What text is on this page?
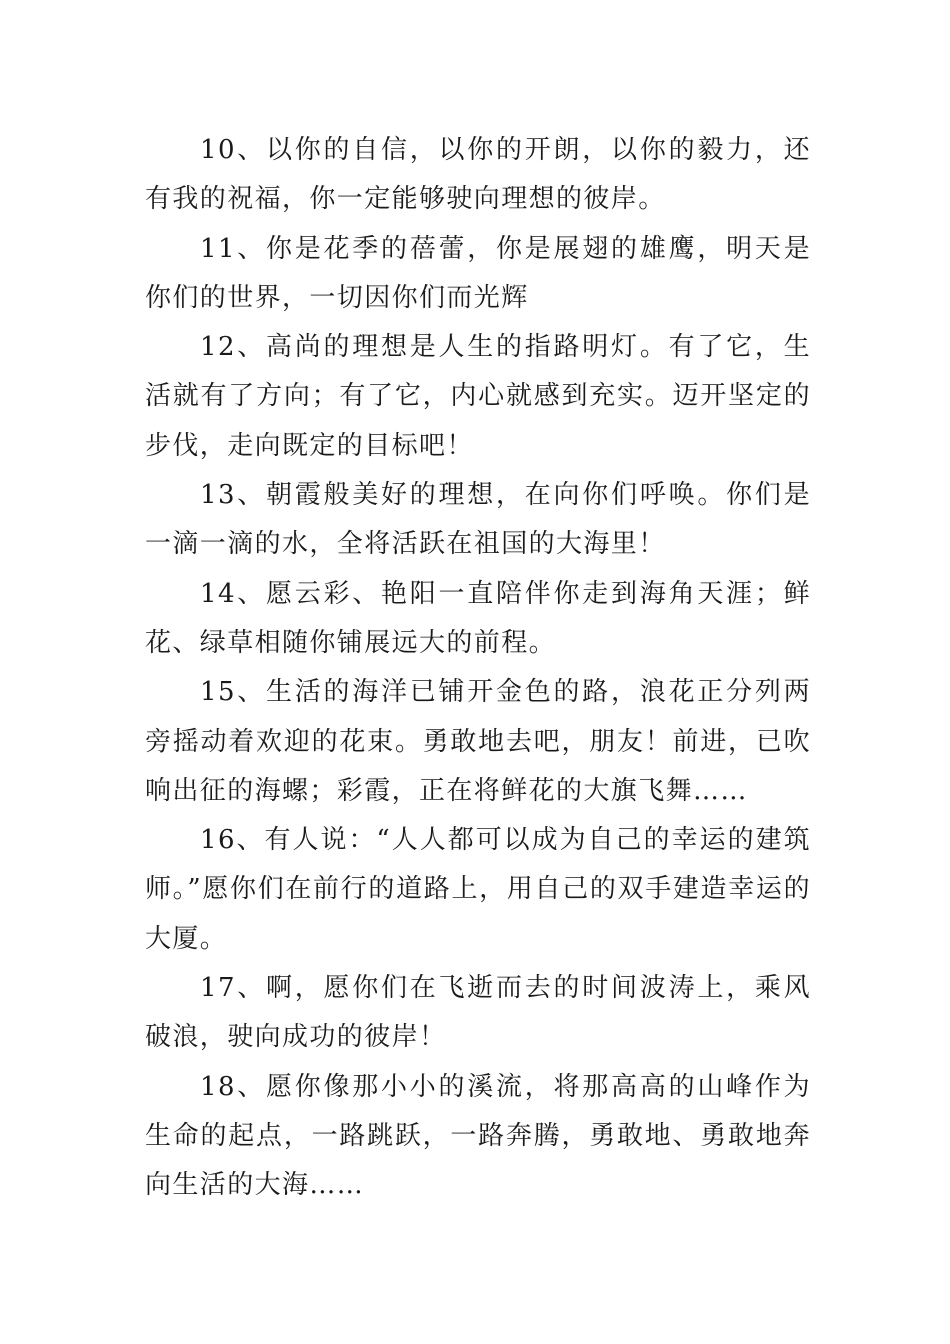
10、以你的自信，以你的开朗，以你的毅力，还有我的祝福，你一定能够驶向理想的彼岸。

11、你是花季的蓓蕾，你是展翅的雄鹰，明天是你们的世界，一切因你们而光辉

12、高尚的理想是人生的指路明灯。有了它，生活就有了方向；有了它，内心就感到充实。迈开坚定的步伐，走向既定的目标吧！

13、朝霞般美好的理想，在向你们呼唤。你们是一滴一滴的水，全将活跃在祖国的大海里！

14、愿云彩、艳阳一直陪伴你走到海角天涯；鲜花、绿草相随你铺展远大的前程。

15、生活的海洋已铺开金色的路，浪花正分列两旁摇动着欢迎的花束。勇敢地去吧，朋友！前进，已吹响出征的海螺；彩霞，正在将鲜花的大旗飞舞……

16、有人说：“人人都可以成为自己的幸运的建筑师。”愿你们在前行的道路上，用自己的双手建造幸运的大厦。

17、啊，愿你们在飞逝而去的时间波涛上，乘风破浪，驶向成功的彼岸！

18、愿你像那小小的溪流，将那高高的山峰作为生命的起点，一路跳跃，一路奔腾，勇敢地、勇敢地奔向生活的大海……
